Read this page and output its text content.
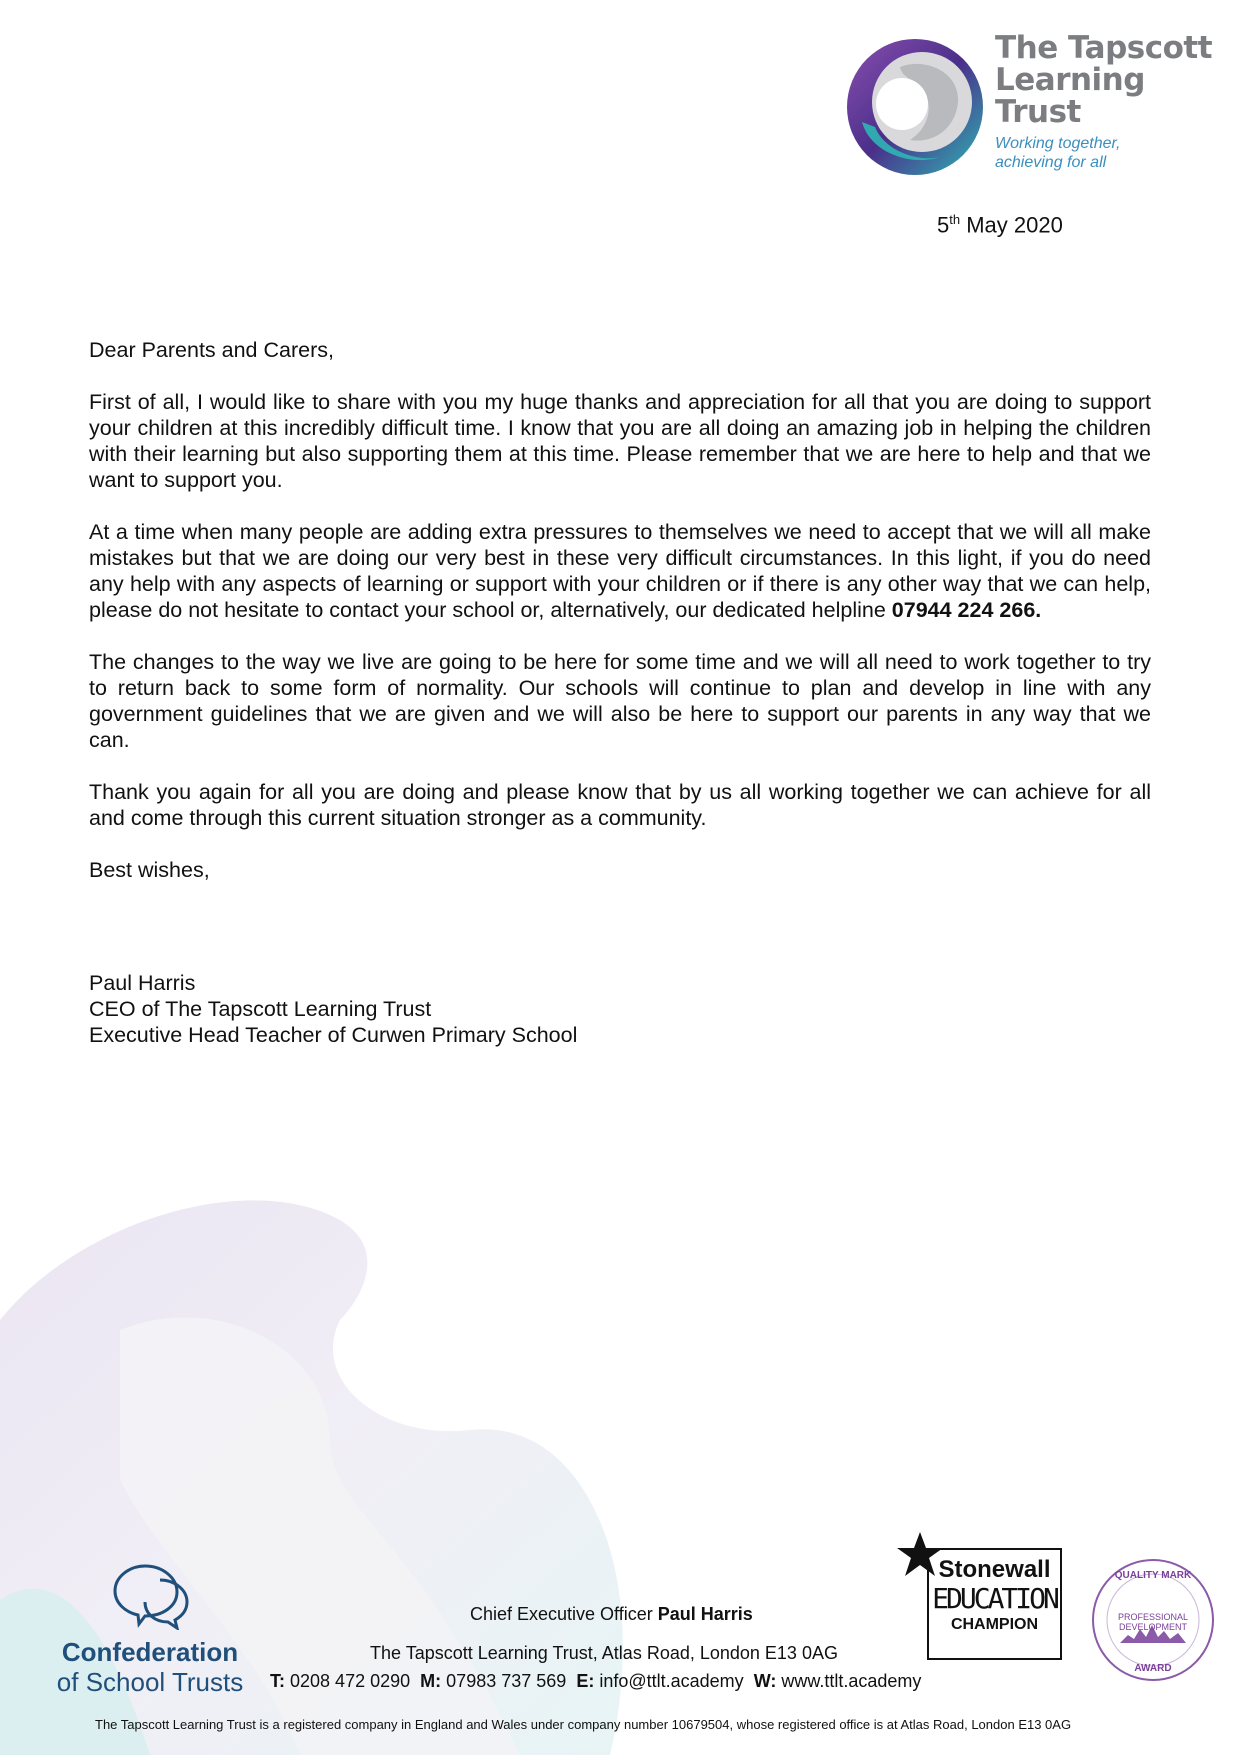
The Tapscott
Learning
Trust
Working together,
achieving for all
5th May 2020

Dear Parents and Carers,

First of all, I would like to share with you my huge thanks and appreciation for all that you are doing to support your children at this incredibly difficult time. I know that you are all doing an amazing job in helping the children with their learning but also supporting them at this time. Please remember that we are here to help and that we want to support you.

At a time when many people are adding extra pressures to themselves we need to accept that we will all make mistakes but that we are doing our very best in these very difficult circumstances. In this light, if you do need any help with any aspects of learning or support with your children or if there is any other way that we can help, please do not hesitate to contact your school or, alternatively, our dedicated helpline 07944 224 266.

The changes to the way we live are going to be here for some time and we will all need to work together to try to return back to some form of normality. Our schools will continue to plan and develop in line with any government guidelines that we are given and we will also be here to support our parents in any way that we can.

Thank you again for all you are doing and please know that by us all working together we can achieve for all and come through this current situation stronger as a community.

Best wishes,

Paul Harris
CEO of The Tapscott Learning Trust
Executive Head Teacher of Curwen Primary School
Confederation
of School Trusts
Chief Executive Officer Paul Harris
The Tapscott Learning Trust, Atlas Road, London E13 0AG
T: 0208 472 0290 M: 07983 737 569 E: info@ttlt.academy W: www.ttlt.academy
The Tapscott Learning Trust is a registered company in England and Wales under company number 10679504, whose registered office is at Atlas Road, London E13 0AG
Stonewall
EDUCATION
CHAMPION
QUALITY MARK
PROFESSIONAL DEVELOPMENT
AWARD
